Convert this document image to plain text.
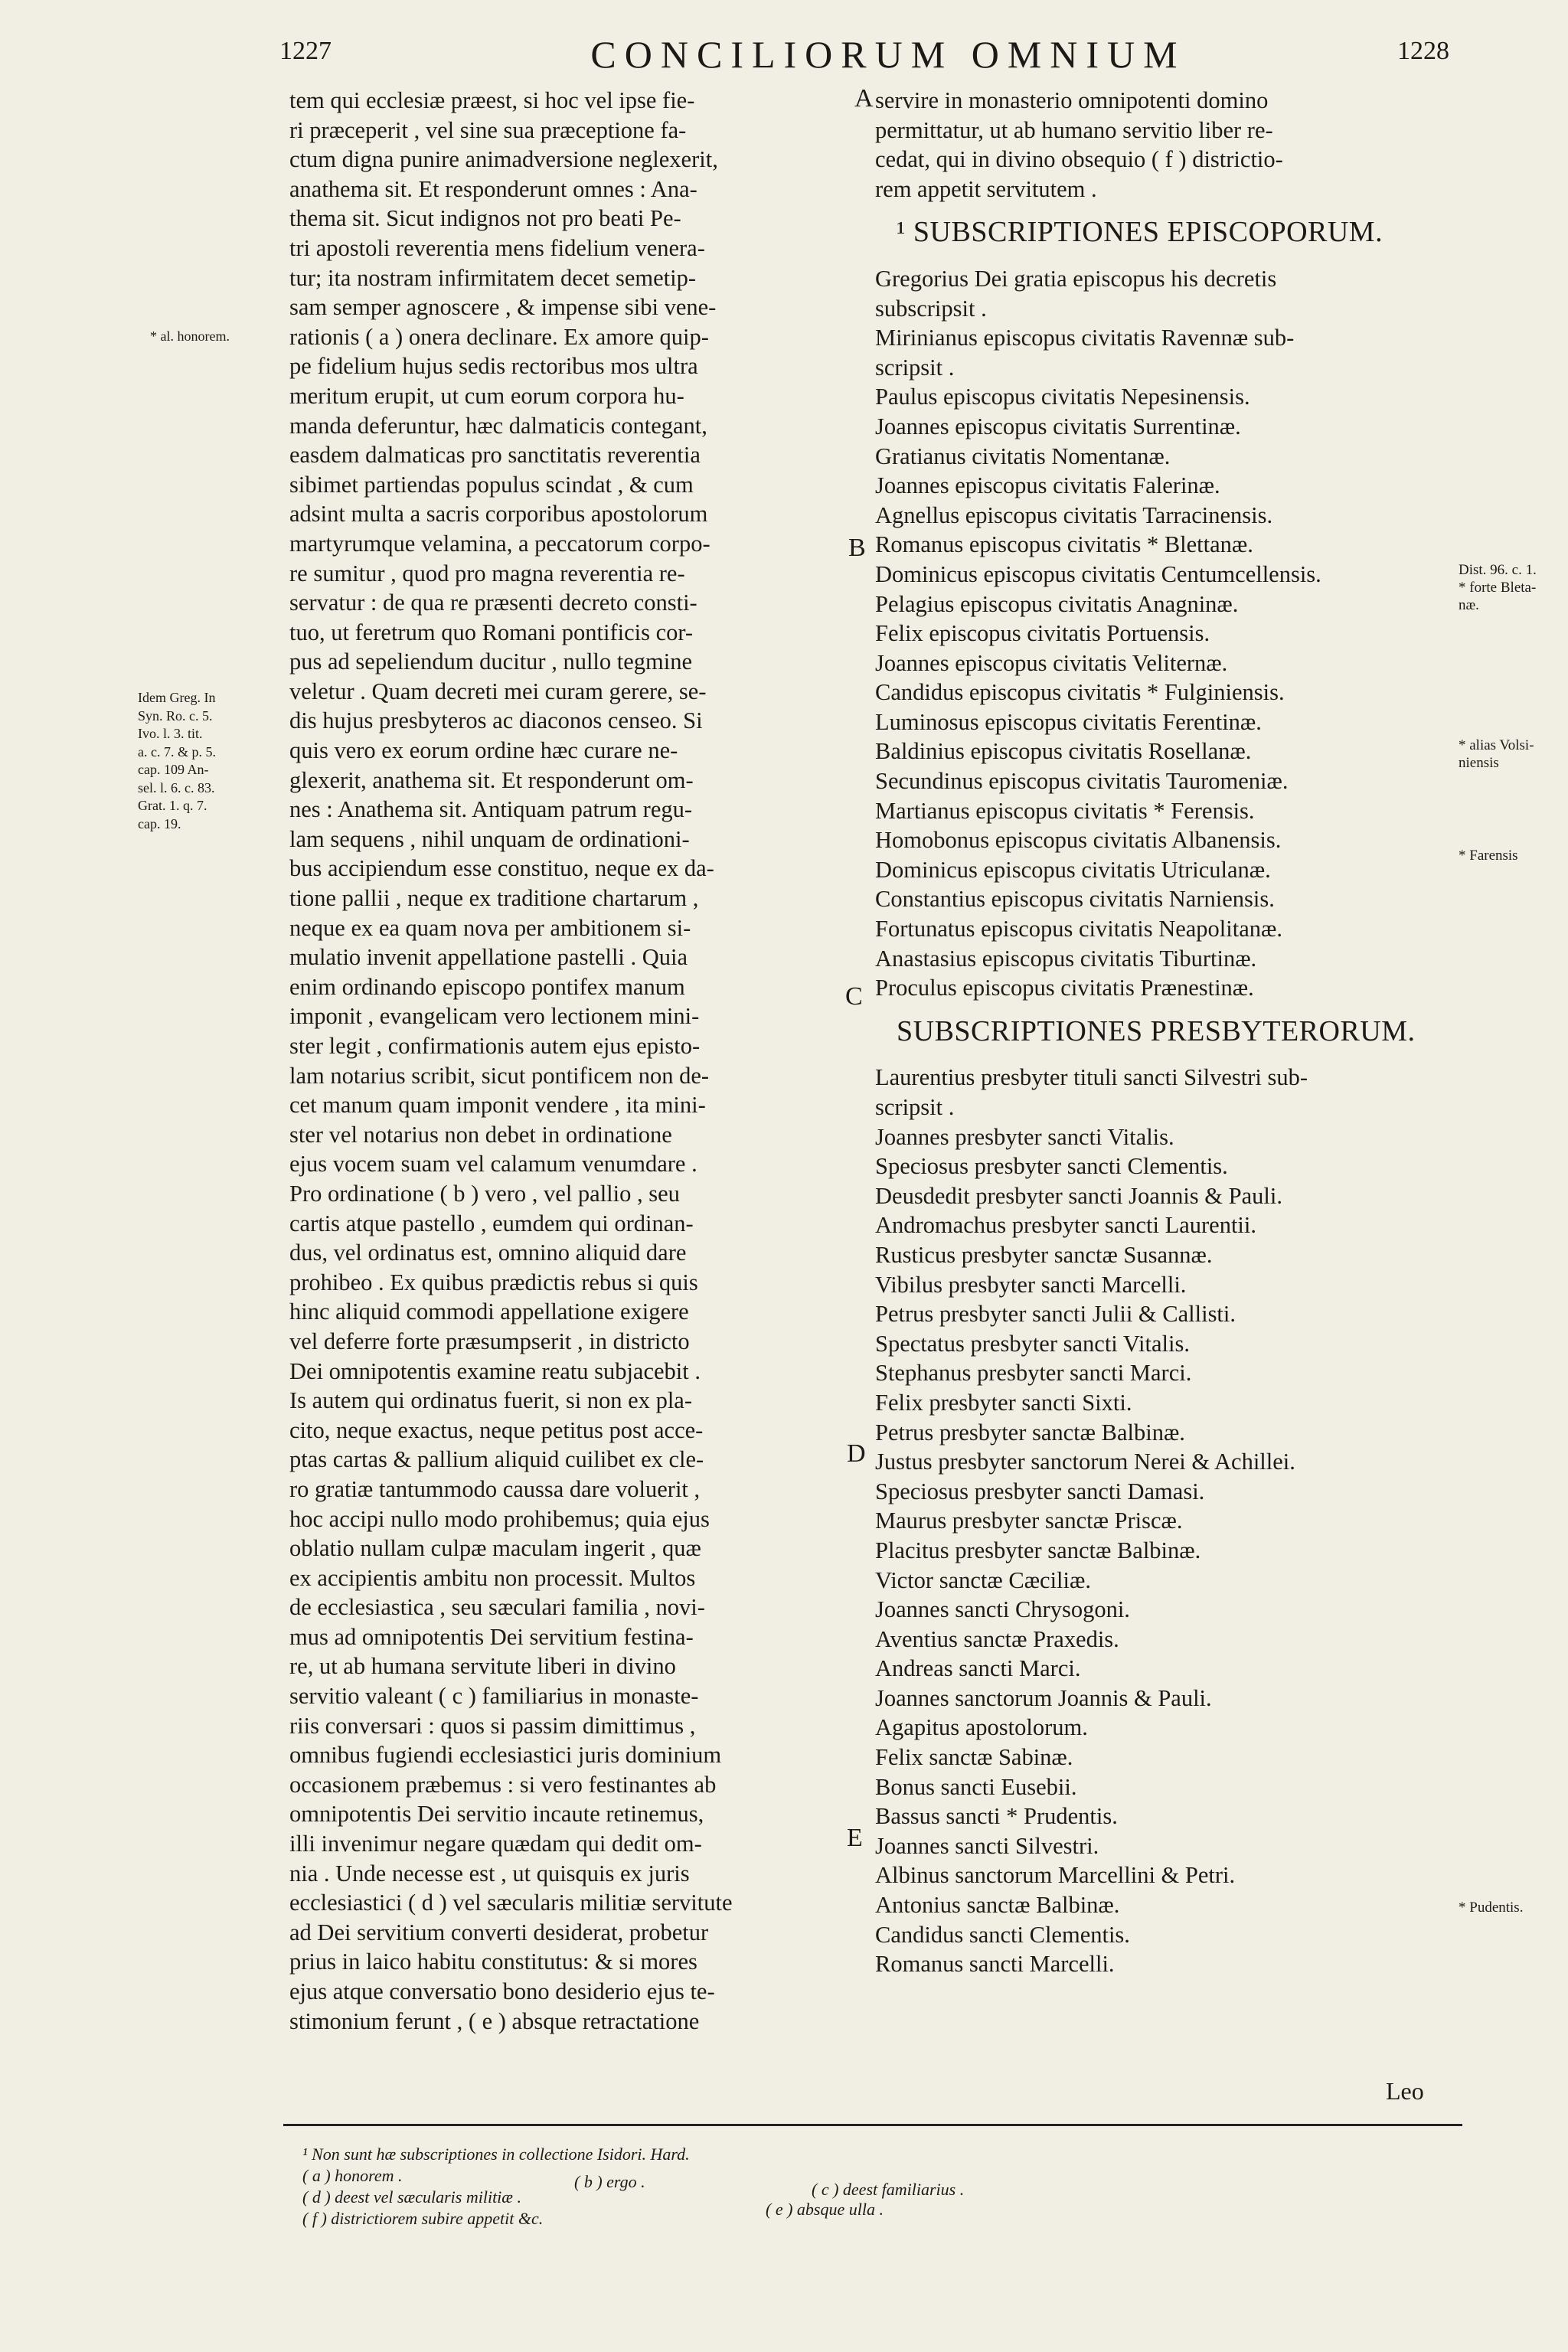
1227	CONCILIORUM OMNIUM	1228
tem qui ecclesiæ præest, si hoc vel ipse fie-
ri præceperit , vel sine sua præceptione fa-
ctum digna punire animadversione neglexerit,
anathema sit. Et responderunt omnes : Ana-
thema sit. Sicut indignos not pro beati Pe-
tri apostoli reverentia mens fidelium venera-
tur; ita nostram infirmitatem decet semetip-
sam semper agnoscere , & impense sibi vene-
rationis ( a ) onera declinare. Ex amore quip-
pe fidelium hujus sedis rectoribus mos ultra
meritum erupit, ut cum eorum corpora hu-
manda deferuntur, hæc dalmaticis contegant,
easdem dalmaticas pro sanctitatis reverentia
sibimet partiendas populus scindat , & cum
adsint multa a sacris corporibus apostolorum
martyrumque velamina, a peccatorum corpo-
re sumitur , quod pro magna reverentia re-
servatur : de qua re præsenti decreto consti-
tuo, ut feretrum quo Romani pontificis cor-
pus ad sepeliendum ducitur , nullo tegmine
veletur . Quam decreti mei curam gerere, se-
dis hujus presbyteros ac diaconos censeo. Si
quis vero ex eorum ordine hæc curare ne-
glexerit, anathema sit. Et responderunt om-
nes : Anathema sit. Antiquam patrum regu-
lam sequens , nihil unquam de ordinationi-
bus accipiendum esse constituo, neque ex da-
tione pallii , neque ex traditione chartarum ,
neque ex ea quam nova per ambitionem si-
mulatio invenit appellatione pastelli . Quia
enim ordinando episcopo pontifex manum
imponit , evangelicam vero lectionem mini-
ster legit , confirmationis autem ejus episto-
lam notarius scribit, sicut pontificem non de-
cet manum quam imponit vendere , ita mini-
ster vel notarius non debet in ordinatione
ejus vocem suam vel calamum venumdare .
Pro ordinatione ( b ) vero , vel pallio , seu
cartis atque pastello , eumdem qui ordinan-
dus, vel ordinatus est, omnino aliquid dare
prohibeo . Ex quibus prædictis rebus si quis
hinc aliquid commodi appellatione exigere
vel deferre forte præsumpserit , in districto
Dei omnipotentis examine reatu subjacebit .
Is autem qui ordinatus fuerit, si non ex pla-
cito, neque exactus, neque petitus post acce-
ptas cartas & pallium aliquid cuilibet ex cle-
ro gratiæ tantummodo caussa dare voluerit ,
hoc accipi nullo modo prohibemus; quia ejus
oblatio nullam culpæ maculam ingerit , quæ
ex accipientis ambitu non processit. Multos
de ecclesiastica , seu sæculari familia , novi-
mus ad omnipotentis Dei servitium festina-
re, ut ab humana servitute liberi in divino
servitio valeant ( c ) familiarius in monaste-
riis conversari : quos si passim dimittimus ,
omnibus fugiendi ecclesiastici juris dominium
occasionem præbemus : si vero festinantes ab
omnipotentis Dei servitio incaute retinemus,
illi invenimur negare quædam qui dedit om-
nia . Unde necesse est , ut quisquis ex juris
ecclesiastici ( d ) vel sæcularis militiæ servitute
ad Dei servitium converti desiderat, probetur
prius in laico habitu constitutus: & si mores
ejus atque conversatio bono desiderio ejus te-
stimonium ferunt , ( e ) absque retractatione
servire in monasterio omnipotenti domino
permittatur, ut ab humano servitio liber re-
cedat, qui in divino obsequio ( f ) districtio-
rem appetit servitutem .
¹ SUBSCRIPTIONES EPISCOPORUM.
Gregorius Dei gratia episcopus his decretis
subscripsit .
Mirinianus episcopus civitatis Ravennæ sub-
scripsit .
Paulus episcopus civitatis Nepesinensis.
Joannes episcopus civitatis Surrentinæ.
Gratianus civitatis Nomentanæ.
Joannes episcopus civitatis Falerinæ.
Agnellus episcopus civitatis Tarracinensis.
Romanus episcopus civitatis * Blettanæ.
Dominicus episcopus civitatis Centumcellensis.
Pelagius episcopus civitatis Anagninæ.
Felix episcopus civitatis Portuensis.
Joannes episcopus civitatis Veliternæ.
Candidus episcopus civitatis * Fulginiensis.
Luminosus episcopus civitatis Ferentinæ.
Baldinius episcopus civitatis Rosellanæ.
Secundinus episcopus civitatis Tauromeniæ.
Martianus episcopus civitatis * Ferensis.
Homobonus episcopus civitatis Albanensis.
Dominicus episcopus civitatis Utriculanæ.
Constantius episcopus civitatis Narniensis.
Fortunatus episcopus civitatis Neapolitanæ.
Anastasius episcopus civitatis Tiburtinæ.
Proculus episcopus civitatis Prænestinæ.
SUBSCRIPTIONES PRESBYTERORUM.
Laurentius presbyter tituli sancti Silvestri sub-
scripsit .
Joannes presbyter sancti Vitalis.
Speciosus presbyter sancti Clementis.
Deusdedit presbyter sancti Joannis & Pauli.
Andromachus presbyter sancti Laurentii.
Rusticus presbyter sanctæ Susannæ.
Vibilus presbyter sancti Marcelli.
Petrus presbyter sancti Julii & Callisti.
Spectatus presbyter sancti Vitalis.
Stephanus presbyter sancti Marci.
Felix presbyter sancti Sixti.
Petrus presbyter sanctæ Balbinæ.
Justus presbyter sanctorum Nerei & Achillei.
Speciosus presbyter sancti Damasi.
Maurus presbyter sanctæ Priscæ.
Placitus presbyter sanctæ Balbinæ.
Victor sanctæ Cæciliæ.
Joannes sancti Chrysogoni.
Aventius sanctæ Praxedis.
Andreas sancti Marci.
Joannes sanctorum Joannis & Pauli.
Agapitus apostolorum.
Felix sanctæ Sabinæ.
Bonus sancti Eusebii.
Bassus sancti * Prudentis.
Joannes sancti Silvestri.
Albinus sanctorum Marcellini & Petri.
Antonius sanctæ Balbinæ.
Candidus sancti Clementis.
Romanus sancti Marcelli.
A
B
C
D
E
* al. honorem.
Idem Greg. In
Syn. Ro. c. 5.
Ivo. l. 3. tit.
a. c. 7. & p. 5.
cap. 109 An-
sel. l. 6. c. 83.
Grat. 1. q. 7.
cap. 19.
Dist. 96. c. 1.
* forte Bleta-
næ.
* alias Volsi-
niensis
* Farensis
* Pudentis.
Leo
¹ Non sunt hæ subscriptiones in collectione Isidori. Hard.
( a ) honorem .	( b ) ergo .	( c ) deest familiarius .
( d ) deest vel sæcularis militiæ .
( e ) absque ulla .
( f ) districtiorem subire appetit &c.
